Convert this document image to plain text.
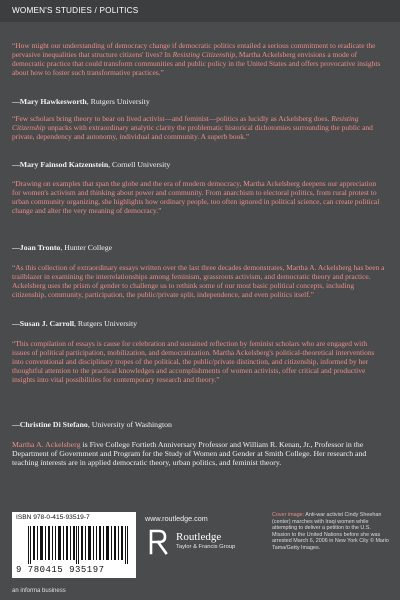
WOMEN'S STUDIES / POLITICS
“How might our understanding of democracy change if democratic politics entailed a serious commitment to eradicate the pervasive inequalities that structure citizens' lives? In Resisting Citizenship, Martha Ackelsberg envisions a mode of democratic practice that could transform communities and public policy in the United States and offers provocative insights about how to foster such transformative practices.”
—Mary Hawkesworth, Rutgers University
“Few scholars bring theory to bear on lived activist—and feminist—politics as lucidly as Ackelsberg does. Resisting Citizenship unpacks with extraordinary analytic clarity the problematic historical dichotomies surrounding the public and private, dependency and autonomy, individual and community. A superb book.”
—Mary Fainsod Katzenstein, Cornell University
“Drawing on examples that span the globe and the era of modern democracy, Martha Ackelsberg deepens our appreciation for women's activism and thinking about power and community. From anarchism to electoral politics, from rural protest to urban community organizing, she highlights how ordinary people, too often ignored in political science, can create political change and alter the very meaning of democracy.”
—Joan Tronto, Hunter College
“As this collection of extraordinary essays written over the last three decades demonstrates, Martha A. Ackelsberg has been a trailblazer in examining the interrelationships among feminism, grassroots activism, and democratic theory and practice. Ackelsberg uses the prism of gender to challenge us to rethink some of our most basic political concepts, including citizenship, community, participation, the public/private split, independence, and even politics itself.”
—Susan J. Carroll, Rutgers University
“This compilation of essays is cause for celebration and sustained reflection by feminist scholars who are engaged with issues of political participation, mobilization, and democratization. Martha Ackelsberg's political-theoretical interventions into conventional and disciplinary tropes of the political, the public/private distinction, and citizenship, informed by her thoughtful attention to the practical knowledges and accomplishments of women activists, offer critical and productive insights into vital possibilities for contemporary research and theory.”
—Christine Di Stefano, University of Washington
Martha A. Ackelsberg is Five College Fortieth Anniversary Professor and William R. Kenan, Jr., Professor in the Department of Government and Program for the Study of Women and Gender at Smith College. Her research and teaching interests are in applied democratic theory, urban politics, and feminist theory.
ISBN 978-0-415-93519-7
9 780415 935197
www.routledge.com
Routledge
Taylor & Francis Group
Cover image: Anti-war activist Cindy Sheehan (center) marches with Iraqi women while attempting to deliver a petition to the U.S. Mission to the United Nations before she was arrested March 6, 2006 in New York City © Mario Tama/Getty Images.
an informa business
